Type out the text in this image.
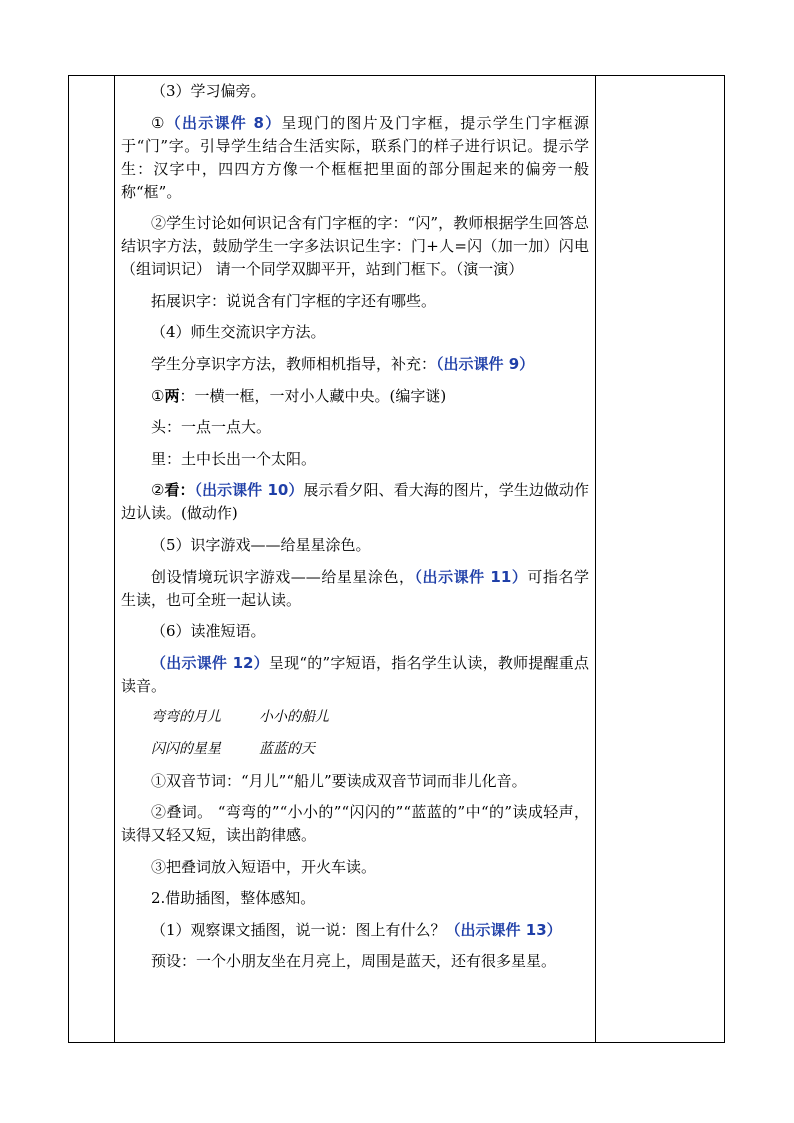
（3）学习偏旁。

①（出示课件 8）呈现门的图片及门字框，提示学生门字框源于“门”字。引导学生结合生活实际，联系门的样子进行识记。提示学生：汉字中，四四方方像一个框框把里面的部分围起来的偏旁一般称“框”。

②学生讨论如何识记含有门字框的字：“闪”，教师根据学生回答总结识字方法，鼓励学生一字多法识记生字：门+人=闪（加一加）闪电（组词识记） 请一个同学双脚平开，站到门框下。（演一演）

拓展识字：说说含有门字框的字还有哪些。

（4）师生交流识字方法。

学生分享识字方法，教师相机指导，补充：（出示课件 9）

①两：一横一框，一对小人藏中央。(编字谜)

头：一点一点大。

里：土中长出一个太阳。

②看：（出示课件 10）展示看夕阳、看大海的图片，学生边做动作边认读。(做动作)

（5）识字游戏——给星星涂色。

创设情境玩识字游戏——给星星涂色，（出示课件 11）可指名学生读，也可全班一起认读。

（6）读准短语。

（出示课件 12）呈现“的”字短语，指名学生认读，教师提醒重点读音。

弯弯的月儿	小小的船儿

闪闪的星星	蓝蓝的天

①双音节词：“月儿”“船儿”要读成双音节词而非儿化音。

②叠词。 “弯弯的”“小小的”“闪闪的”“蓝蓝的”中“的”读成轻声，读得又轻又短，读出韵律感。

③把叠词放入短语中，开火车读。

2.借助插图，整体感知。

（1）观察课文插图，说一说：图上有什么？（出示课件 13）

预设：一个小朋友坐在月亮上，周围是蓝天，还有很多星星。
